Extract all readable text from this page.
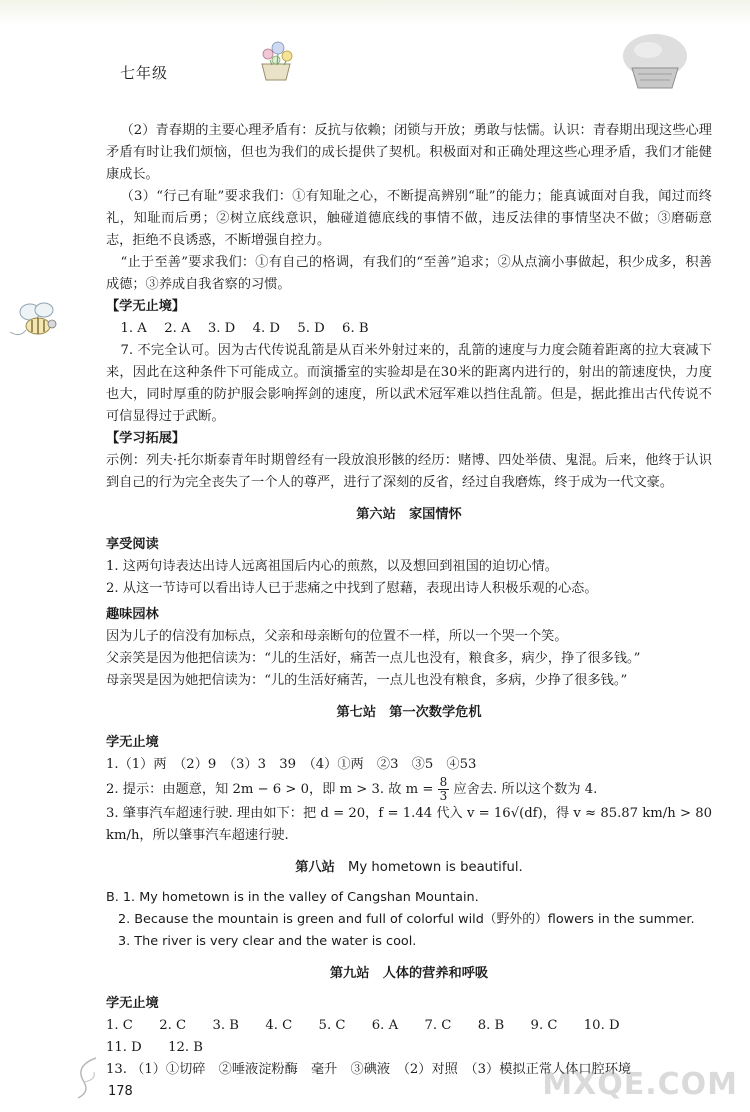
七年级

（2）青春期的主要心理矛盾有：反抗与依赖；闭锁与开放；勇敢与怯懦。认识：青春期出现这些心理矛盾有时让我们烦恼，但也为我们的成长提供了契机。积极面对和正确处理这些心理矛盾，我们才能健康成长。

（3）“行己有耻”要求我们：①有知耻之心，不断提高辨别“耻”的能力；能真诚面对自我，闻过而终礼，知耻而后勇；②树立底线意识，触碰道德底线的事情不做，违反法律的事情坚决不做；③磨砺意志，拒绝不良诱惑，不断增强自控力。

“止于至善”要求我们：①有自己的格调，有我们的“至善”追求；②从点滴小事做起，积少成多，积善成德；③养成自我省察的习惯。

【学无止境】

1. A　 2. A　 3. D　 4. D　 5. D　 6. B

7. 不完全认可。因为古代传说乱箭是从百米外射过来的，乱箭的速度与力度会随着距离的拉大衰减下来，因此在这种条件下可能成立。而演播室的实验却是在30米的距离内进行的，射出的箭速度快，力度也大，同时厚重的防护服会影响挥剑的速度，所以武术冠军难以挡住乱箭。但是，据此推出古代传说不可信显得过于武断。

【学习拓展】

示例：列夫·托尔斯泰青年时期曾经有一段放浪形骸的经历：赌博、四处举债、鬼混。后来，他终于认识到自己的行为完全丧失了一个人的尊严，进行了深刻的反省，经过自我磨炼，终于成为一代文豪。

第六站　家国情怀

享受阅读

1. 这两句诗表达出诗人远离祖国后内心的煎熬，以及想回到祖国的迫切心情。

2. 从这一节诗可以看出诗人已于悲痛之中找到了慰藉，表现出诗人积极乐观的心态。

趣味园林

因为儿子的信没有加标点，父亲和母亲断句的位置不一样，所以一个哭一个笑。

父亲笑是因为他把信读为：“儿的生活好，痛苦一点儿也没有，粮食多，病少，挣了很多钱。”

母亲哭是因为她把信读为：“儿的生活好痛苦，一点儿也没有粮食，多病，少挣了很多钱。”

第七站　第一次数学危机

学无止境

1.（1）两　（2）9　（3）3　39　（4）①两　②3　③5　④53

2. 提示：由题意，知 2m − 6 > 0，即 m > 3. 故 $m = \frac{8}{3}$ 应舍去. 所以这个数为 4.

3. 肇事汽车超速行驶. 理由如下：把 d = 20，f = 1.44 代入 v = 16√(df)，得 v ≈ 85.87 km/h > 80 km/h，所以肇事汽车超速行驶.

第八站　 My hometown is beautiful.

B. 1. My hometown is in the valley of Cangshan Mountain.

2. Because the mountain is green and full of colorful wild（野外的）flowers in the summer.

3. The river is very clear and the water is cool.

第九站　人体的营养和呼吸

学无止境

1. C　　2. C　　3. B　　4. C　　5. C　　6. A　　7. C　　8. B　　9. C　　10. D

11. D　　12. B

13. （1）①切碎　②唾液淀粉酶　毫升　③碘液　（2）对照　（3）模拟正常人体口腔环境

178	MXQE.COM
